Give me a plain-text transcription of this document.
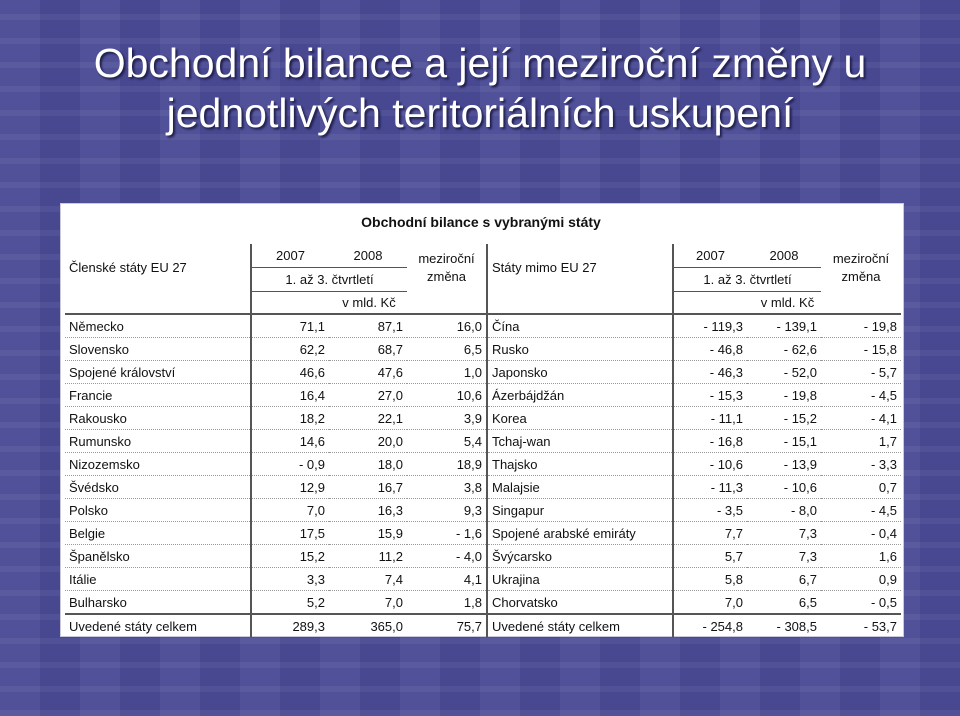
Obchodní bilance a její meziroční změny u
jednotlivých teritoriálních uskupení
Obchodní bilance s vybranými státy
Členské státy EU 27	2007	2008	meziroční změna	Státy mimo EU 27	2007	2008	meziroční změna
	1. až 3. čtvrtletí				1. až 3. čtvrtletí		
	v mld. Kč				v mld. Kč		
Německo	71,1	87,1	16,0	Čína	- 119,3	- 139,1	- 19,8
Slovensko	62,2	68,7	6,5	Rusko	- 46,8	- 62,6	- 15,8
Spojené království	46,6	47,6	1,0	Japonsko	- 46,3	- 52,0	- 5,7
Francie	16,4	27,0	10,6	Ázerbájdžán	- 15,3	- 19,8	- 4,5
Rakousko	18,2	22,1	3,9	Korea	- 11,1	- 15,2	- 4,1
Rumunsko	14,6	20,0	5,4	Tchaj-wan	- 16,8	- 15,1	1,7
Nizozemsko	- 0,9	18,0	18,9	Thajsko	- 10,6	- 13,9	- 3,3
Švédsko	12,9	16,7	3,8	Malajsie	- 11,3	- 10,6	0,7
Polsko	7,0	16,3	9,3	Singapur	- 3,5	- 8,0	- 4,5
Belgie	17,5	15,9	- 1,6	Spojené arabské emiráty	7,7	7,3	- 0,4
Španělsko	15,2	11,2	- 4,0	Švýcarsko	5,7	7,3	1,6
Itálie	3,3	7,4	4,1	Ukrajina	5,8	6,7	0,9
Bulharsko	5,2	7,0	1,8	Chorvatsko	7,0	6,5	- 0,5
Uvedené státy celkem	289,3	365,0	75,7	Uvedené státy celkem	- 254,8	- 308,5	- 53,7
